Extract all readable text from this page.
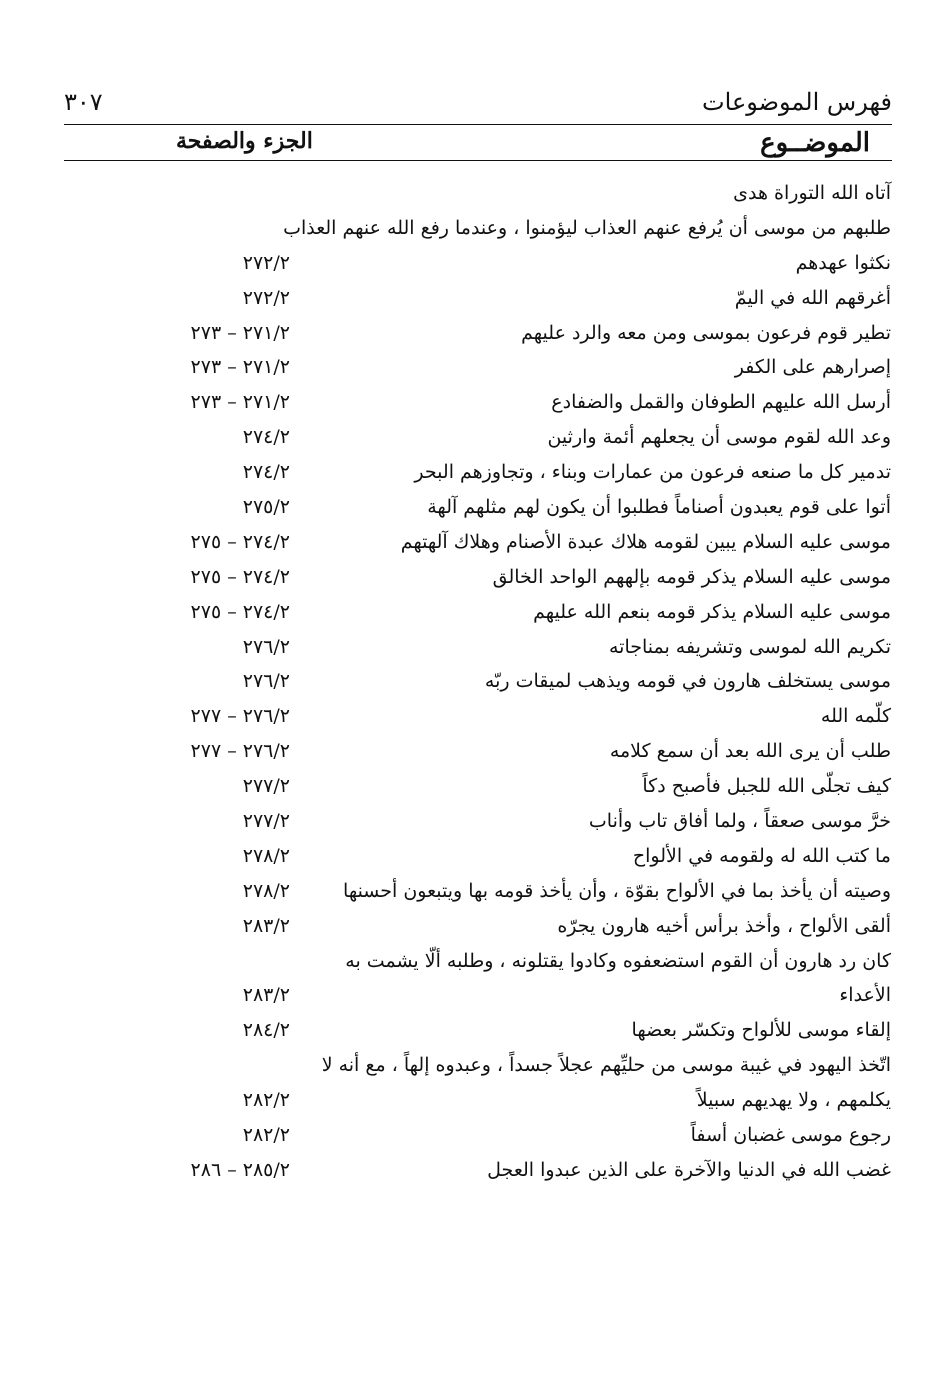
فهرس الموضوعات
٣٠٧
الموضــوع
الجزء والصفحة
آتاه الله التوراة هدى
طلبهم من موسى أن يُرفع عنهم العذاب ليؤمنوا ، وعندما رفع الله عنهم العذاب
نكثوا عهدهم
٢٧٢/٢
أغرقهم الله في اليمّ
٢٧٢/٢
تطير قوم فرعون بموسى ومن معه والرد عليهم
٢٧١/٢ – ٢٧٣
إصرارهم على الكفر
٢٧١/٢ – ٢٧٣
أرسل الله عليهم الطوفان والقمل والضفادع
٢٧١/٢ – ٢٧٣
وعد الله لقوم موسى أن يجعلهم أئمة وارثين
٢٧٤/٢
تدمير كل ما صنعه فرعون من عمارات وبناء ، وتجاوزهم البحر
٢٧٤/٢
أتوا على قوم يعبدون أصناماً فطلبوا أن يكون لهم مثلهم آلهة
٢٧٥/٢
موسى عليه السلام يبين لقومه هلاك عبدة الأصنام وهلاك آلهتهم
٢٧٤/٢ – ٢٧٥
موسى عليه السلام يذكر قومه بإلههم الواحد الخالق
٢٧٤/٢ – ٢٧٥
موسى عليه السلام يذكر قومه بنعم الله عليهم
٢٧٤/٢ – ٢٧٥
تكريم الله لموسى وتشريفه بمناجاته
٢٧٦/٢
موسى يستخلف هارون في قومه ويذهب لميقات ربّه
٢٧٦/٢
كلّمه الله
٢٧٦/٢ – ٢٧٧
طلب أن يرى الله بعد أن سمع كلامه
٢٧٦/٢ – ٢٧٧
كيف تجلّى الله للجبل فأصبح دكاً
٢٧٧/٢
خرَّ موسى صعقاً ، ولما أفاق تاب وأناب
٢٧٧/٢
ما كتب الله له ولقومه في الألواح
٢٧٨/٢
وصيته أن يأخذ بما في الألواح بقوّة ، وأن يأخذ قومه بها ويتبعون أحسنها
٢٧٨/٢
ألقى الألواح ، وأخذ برأس أخيه هارون يجرّه
٢٨٣/٢
كان رد هارون أن القوم استضعفوه وكادوا يقتلونه ، وطلبه ألّا يشمت به
الأعداء
٢٨٣/٢
إلقاء موسى للألواح وتكسّر بعضها
٢٨٤/٢
اتّخذ اليهود في غيبة موسى من حليِّهم عجلاً جسداً ، وعبدوه إلهاً ، مع أنه لا
يكلمهم ، ولا يهديهم سبيلاً
٢٨٢/٢
رجوع موسى غضبان أسفاً
٢٨٢/٢
غضب الله في الدنيا والآخرة على الذين عبدوا العجل
٢٨٥/٢ – ٢٨٦
